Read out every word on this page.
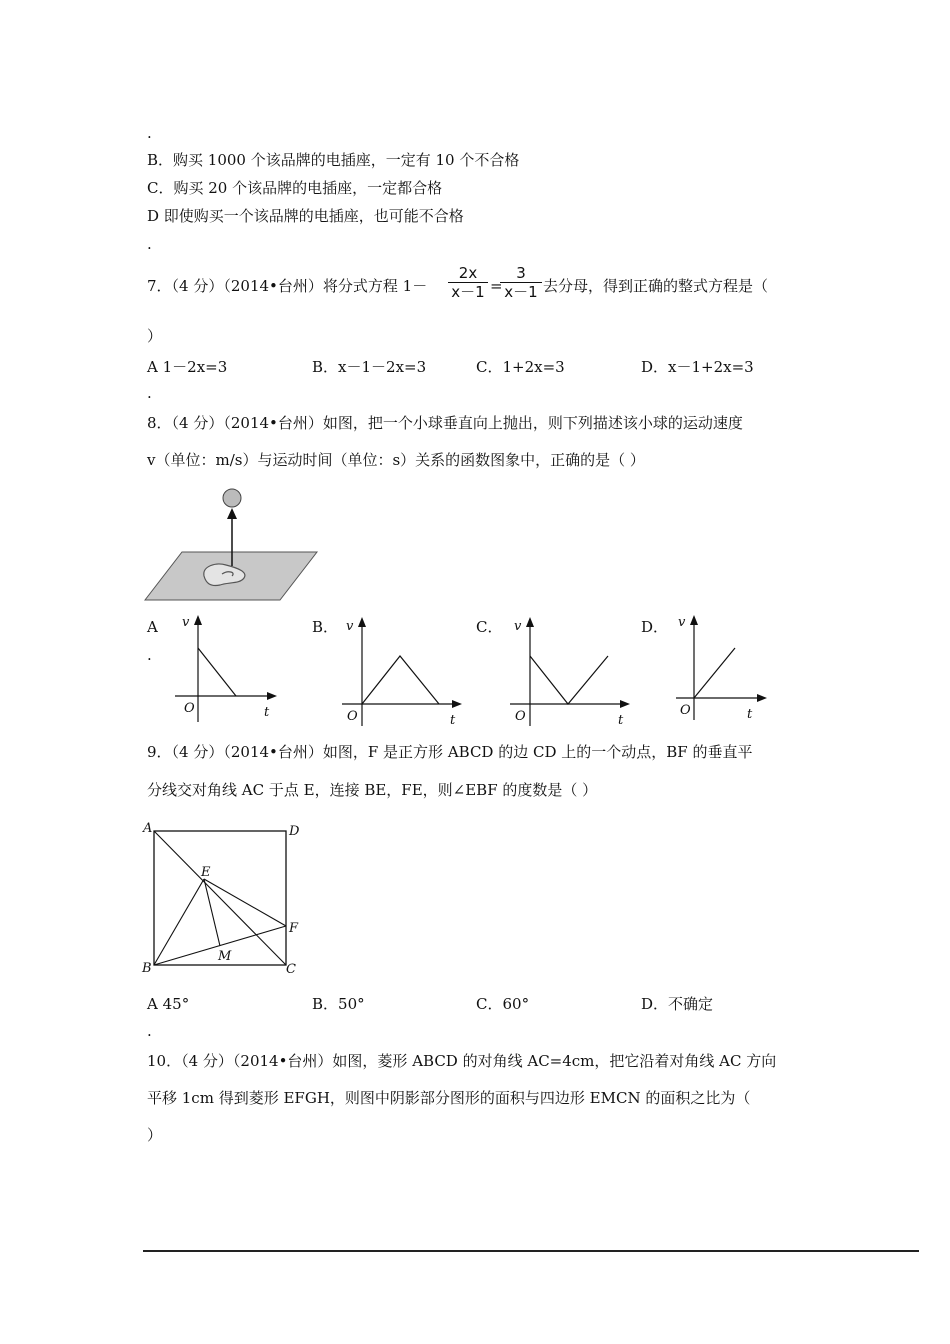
.
B．购买 1000 个该品牌的电插座，一定有 10 个不合格
C．购买 20 个该品牌的电插座，一定都合格
D 即使购买一个该品牌的电插座，也可能不合格
.
7．（4 分）（2014•台州）将分式方程 $1- \frac{2x}{x-1}$ =
$\frac{3}{x-1}$ 去分母，得到正确的整式方程是（
）
A 1－2x=3	B．x－1－2x=3	C．1+2x=3	D．x－1+2x=3
.
8．（4 分）（2014•台州）如图，把一个小球垂直向上抛出，则下列描述该小球的运动速度
v（单位：m/s）与运动时间（单位：s）关系的函数图象中，正确的是（ ）
A
.
B．	C．	D．
v
t
O
v
t
O
v
t
O
v
t
O
9．（4 分）（2014•台州）如图，F 是正方形 ABCD 的边 CD 上的一个动点，BF 的垂直平
分线交对角线 AC 于点 E，连接 BE，FE，则∠EBF 的度数是（ ）
A	D
B	C
E
F
M
A 45°	B．50°	C．60°	D．不确定
.
10．（4 分）（2014•台州）如图，菱形 ABCD 的对角线 AC=4cm，把它沿着对角线 AC 方向
平移 1cm 得到菱形 EFGH，则图中阴影部分图形的面积与四边形 EMCN 的面积之比为（
）
